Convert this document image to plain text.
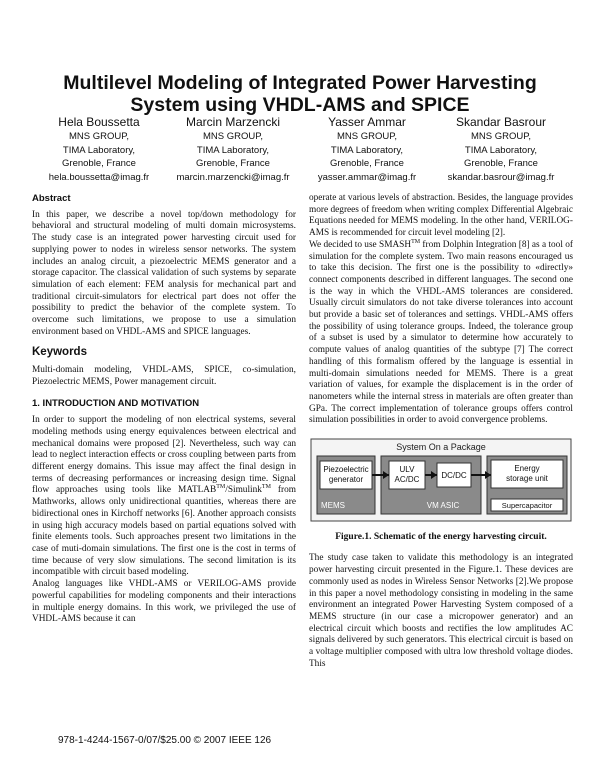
Multilevel Modeling of Integrated Power Harvesting
System using VHDL-AMS and SPICE
Hela Boussetta
MNS GROUP,
TIMA Laboratory,
Grenoble, France
hela.boussetta@imag.fr
Marcin Marzencki
MNS GROUP,
TIMA Laboratory,
Grenoble, France
marcin.marzencki@imag.fr
Yasser Ammar
MNS GROUP,
TIMA Laboratory,
Grenoble, France
yasser.ammar@imag.fr
Skandar Basrour
MNS GROUP,
TIMA Laboratory,
Grenoble, France
skandar.basrour@imag.fr
Abstract

In this paper, we describe a novel top/down methodology for behavioral and structural modeling of multi domain microsystems. The study case is an integrated power harvesting circuit used for supplying power to nodes in wireless sensor networks. The system includes an analog circuit, a piezoelectric MEMS generator and a storage capacitor. The classical validation of such systems by separate simulation of each element: FEM analysis for mechanical part and traditional circuit-simulators for electrical part does not offer the possibility to predict the behavior of the complete system. To overcome such limitations, we propose to use a simulation environment based on VHDL-AMS and SPICE languages.

Keywords

Multi-domain modeling, VHDL-AMS, SPICE, co-simulation, Piezoelectric MEMS, Power management circuit.

1. INTRODUCTION AND MOTIVATION

In order to support the modeling of non electrical systems, several modeling methods using energy equivalences between electrical and mechanical domains were proposed [2]. Nevertheless, such way can lead to neglect interaction effects or cross coupling between parts from different energy domains. This issue may affect the final design in terms of decreasing performances or increasing design time. Signal flow approaches using tools like MATLAB™/Simulink™ from Mathworks, allows only unidirectional quantities, whereas there are bidirectional ones in Kirchoff networks [6]. Another approach consists in using high accuracy models based on partial equations solved with finite elements tools. Such approaches present two limitations in the case of muti-domain simulations. The first one is the cost in terms of time because of very slow simulations. The second limitation is its incompatible with circuit based modeling.

Analog languages like VHDL-AMS or VERILOG-AMS provide powerful capabilities for modeling components and their interactions in multiple energy domains. In this work, we privileged the use of VHDL-AMS because it can

operate at various levels of abstraction. Besides, the language provides more degrees of freedom when writing complex Differential Algebraic Equations needed for MEMS modeling. In the other hand, VERILOG-AMS is recommended for circuit level modeling [2].

We decided to use SMASH™ from Dolphin Integration [8] as a tool of simulation for the complete system. Two main reasons encouraged us to take this decision. The first one is the possibility to «directly» connect components described in different languages. The second one is the way in which the VHDL-AMS tolerances are considered. Usually circuit simulators do not take diverse tolerances into account but provide a basic set of tolerances and settings. VHDL-AMS offers the possibility of using tolerance groups. Indeed, the tolerance group of a subset is used by a simulator to determine how accurately to compute values of analog quantities of the subtype [7] The correct handling of this formalism offered by the language is essential in multi-domain simulations needed for MEMS. There is a great variation of values, for example the displacement is in the order of nanometers while the internal stress in materials are often greater than GPa. The correct implementation of tolerance groups offers control simulation possibilities in order to avoid convergence problems.

System On a Package
Piezoelectric
generator
MEMS
ULV
AC/DC	DC/DC
VM ASIC
Energy
storage unit
Supercapacitor
Figure.1. Schematic of the energy harvesting circuit.

The study case taken to validate this methodology is an integrated power harvesting circuit presented in the Figure.1. These devices are commonly used as nodes in Wireless Sensor Networks [2].We propose in this paper a novel methodology consisting in modeling in the same environment an integrated Power Harvesting System composed of a MEMS structure (in our case a micropower generator) and an electrical circuit which boosts and rectifies the low amplitudes AC signals delivered by such generators. This electrical circuit is based on a voltage multiplier composed with ultra low threshold voltage diodes. This

978-1-4244-1567-0/07/$25.00 © 2007 IEEE 126
